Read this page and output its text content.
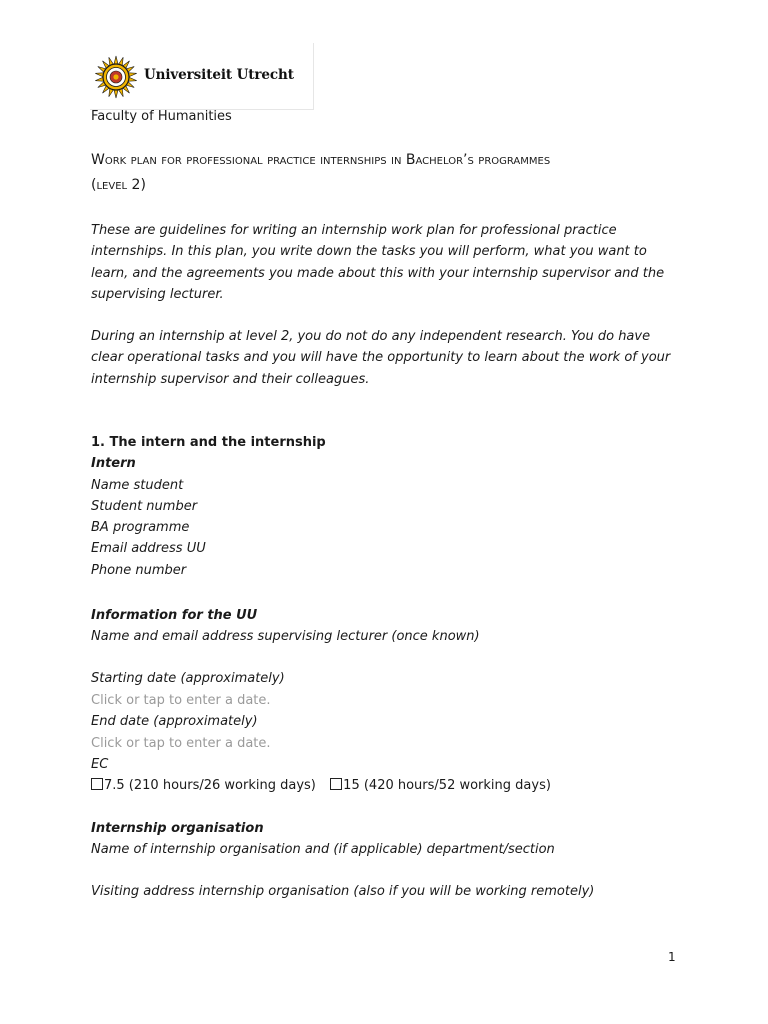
Universiteit Utrecht
Faculty of Humanities
Work plan for professional practice internships in Bachelor’s programmes
(level 2)
These are guidelines for writing an internship work plan for professional practice internships. In this plan, you write down the tasks you will perform, what you want to learn, and the agreements you made about this with your internship supervisor and the supervising lecturer.
During an internship at level 2, you do not do any independent research. You do have clear operational tasks and you will have the opportunity to learn about the work of your internship supervisor and their colleagues.
1. The intern and the internship
Intern
Name student
Student number
BA programme
Email address UU
Phone number
Information for the UU
Name and email address supervising lecturer (once known)
Starting date (approximately)
Click or tap to enter a date.
End date (approximately)
Click or tap to enter a date.
EC
7.5 (210 hours/26 working days) 15 (420 hours/52 working days)
Internship organisation
Name of internship organisation and (if applicable) department/section
Visiting address internship organisation (also if you will be working remotely)
1
